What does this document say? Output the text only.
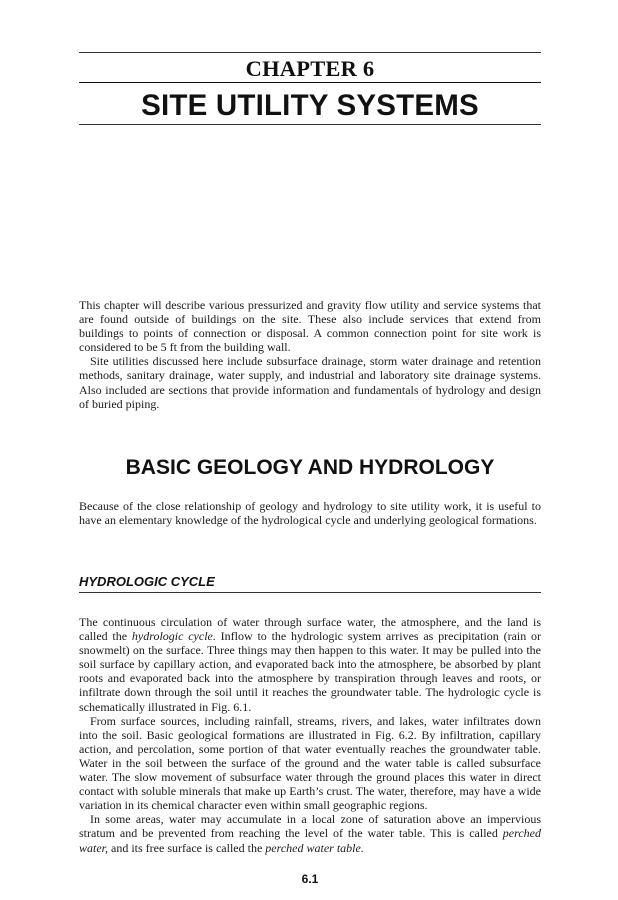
CHAPTER 6
SITE UTILITY SYSTEMS

This chapter will describe various pressurized and gravity flow utility and service systems that are found outside of buildings on the site. These also include services that extend from buildings to points of connection or disposal. A common connection point for site work is considered to be 5 ft from the building wall.

Site utilities discussed here include subsurface drainage, storm water drainage and retention methods, sanitary drainage, water supply, and industrial and laboratory site drainage systems. Also included are sections that provide information and fundamentals of hydrology and design of buried piping.

BASIC GEOLOGY AND HYDROLOGY

Because of the close relationship of geology and hydrology to site utility work, it is useful to have an elementary knowledge of the hydrological cycle and underlying geological formations.

HYDROLOGIC CYCLE

The continuous circulation of water through surface water, the atmosphere, and the land is called the hydrologic cycle. Inflow to the hydrologic system arrives as precipitation (rain or snowmelt) on the surface. Three things may then happen to this water. It may be pulled into the soil surface by capillary action, and evaporated back into the atmosphere, be absorbed by plant roots and evaporated back into the atmosphere by transpiration through leaves and roots, or infiltrate down through the soil until it reaches the groundwater table. The hydrologic cycle is schematically illustrated in Fig. 6.1.

From surface sources, including rainfall, streams, rivers, and lakes, water infiltrates down into the soil. Basic geological formations are illustrated in Fig. 6.2. By infiltration, capillary action, and percolation, some portion of that water eventually reaches the groundwater table. Water in the soil between the surface of the ground and the water table is called subsurface water. The slow movement of subsurface water through the ground places this water in direct contact with soluble minerals that make up Earth’s crust. The water, therefore, may have a wide variation in its chemical character even within small geographic regions.

In some areas, water may accumulate in a local zone of saturation above an impervious stratum and be prevented from reaching the level of the water table. This is called perched water, and its free surface is called the perched water table.

6.1
